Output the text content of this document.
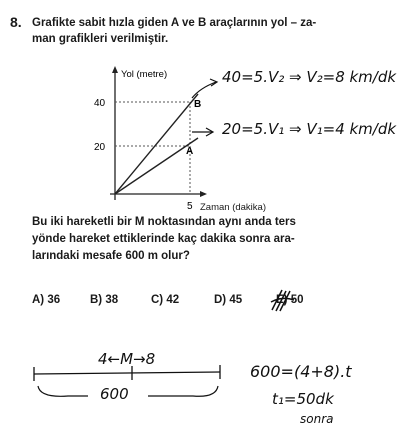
8. Grafikte sabit hızla giden A ve B araçlarının yol – za-
man grafikleri verilmiştir.
40
20
5
Yol (metre)
B
A
Zaman (dakika)
40=5.V₂ ⇒ V₂=8 km/dk
20=5.V₁ ⇒ V₁=4 km/dk
Bu iki hareketli bir M noktasından aynı anda ters
yönde hareket ettiklerinde kaç dakika sonra ara-
larındaki mesafe 600 m olur?
A) 36	B) 38	C) 42	D) 45	E) 50
4←M→8
600
600=(4+8).t
t₁=50dk
sonra
